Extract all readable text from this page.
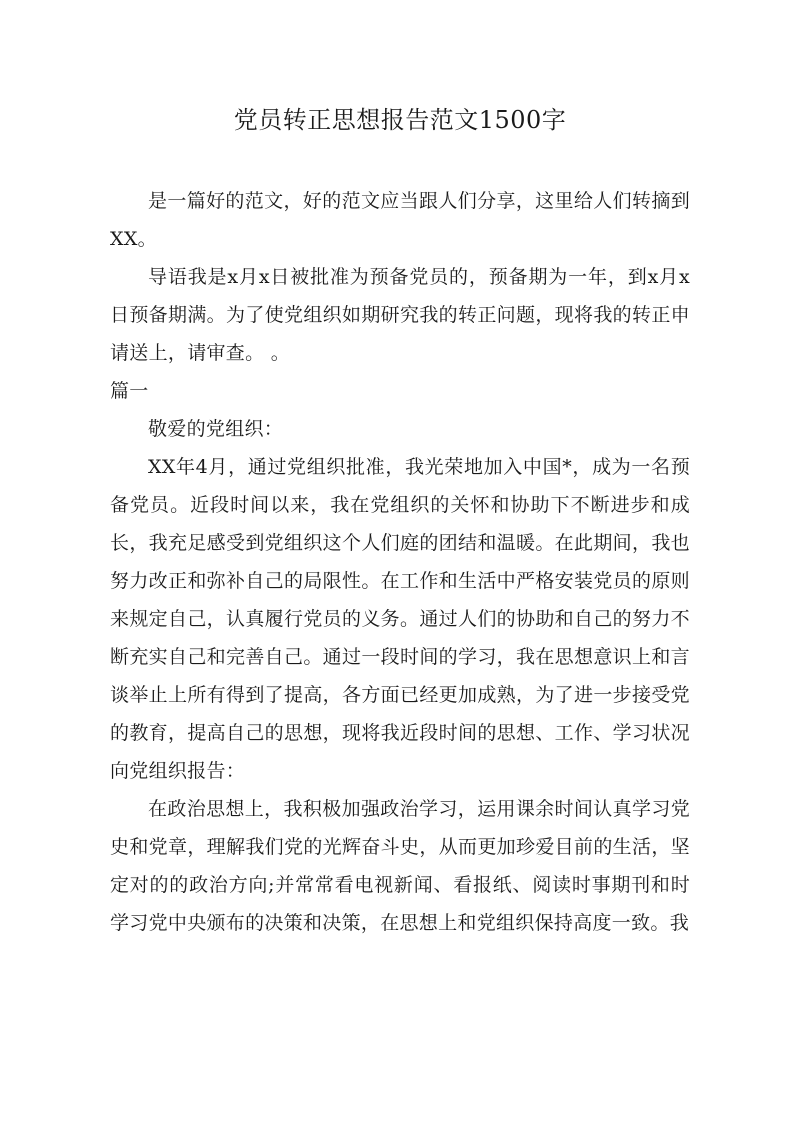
党员转正思想报告范文1500字

是一篇好的范文，好的范文应当跟人们分享，这里给人们转摘到XX。

导语我是x月x日被批准为预备党员的，预备期为一年，到x月x日预备期满。为了使党组织如期研究我的转正问题，现将我的转正申请送上，请审查。 。

篇一

敬爱的党组织：

XX年4月，通过党组织批准，我光荣地加入中国*，成为一名预备党员。近段时间以来，我在党组织的关怀和协助下不断进步和成长，我充足感受到党组织这个人们庭的团结和温暖。在此期间，我也努力改正和弥补自己的局限性。在工作和生活中严格安装党员的原则来规定自己，认真履行党员的义务。通过人们的协助和自己的努力不断充实自己和完善自己。通过一段时间的学习，我在思想意识上和言谈举止上所有得到了提高，各方面已经更加成熟，为了进一步接受党的教育，提高自己的思想，现将我近段时间的思想、工作、学习状况向党组织报告：

在政治思想上，我积极加强政治学习，运用课余时间认真学习党史和党章，理解我们党的光辉奋斗史，从而更加珍爱目前的生活，坚定对的的政治方向;并常常看电视新闻、看报纸、阅读时事期刊和时学习党中央颁布的决策和决策，在思想上和党组织保持高度一致。我
